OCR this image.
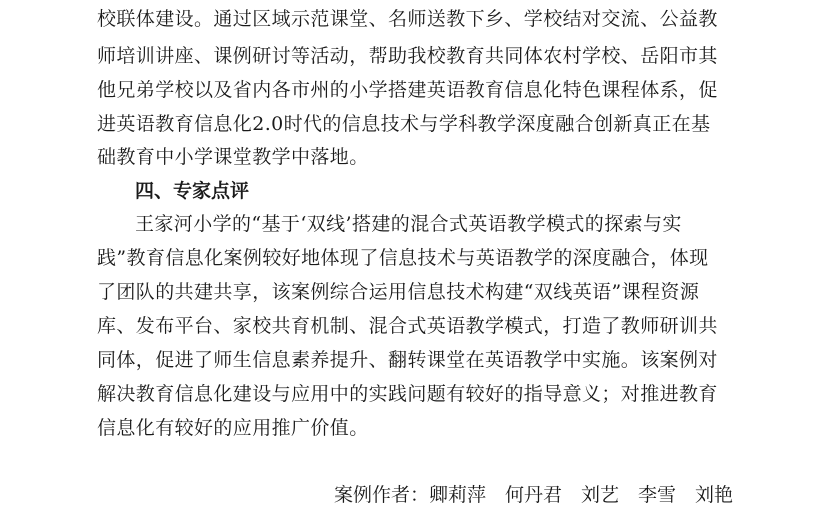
校联体建设。通过区域示范课堂、名师送教下乡、学校结对交流、公益教
师培训讲座、课例研讨等活动，帮助我校教育共同体农村学校、岳阳市其
他兄弟学校以及省内各市州的小学搭建英语教育信息化特色课程体系，促
进英语教育信息化2.0时代的信息技术与学科教学深度融合创新真正在基
础教育中小学课堂教学中落地。
四、专家点评
王家河小学的“基于‘双线’搭建的混合式英语教学模式的探索与实
践”教育信息化案例较好地体现了信息技术与英语教学的深度融合，体现
了团队的共建共享，该案例综合运用信息技术构建“双线英语”课程资源
库、发布平台、家校共育机制、混合式英语教学模式，打造了教师研训共
同体，促进了师生信息素养提升、翻转课堂在英语教学中实施。该案例对
解决教育信息化建设与应用中的实践问题有较好的指导意义；对推进教育
信息化有较好的应用推广价值。
案例作者：卿莉萍　何丹君　刘艺　李雪　刘艳
